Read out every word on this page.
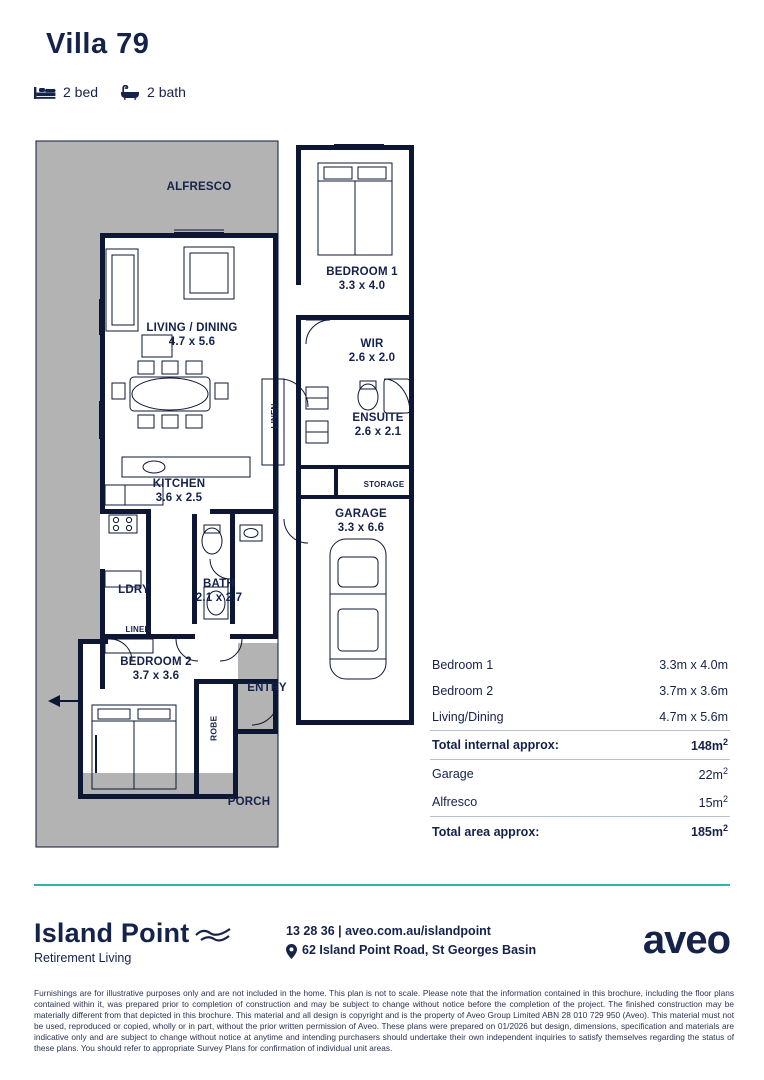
Villa 79
2 bed	2 bath
ALFRESCO
LIVING / DINING
4.7 x 5.6
KITCHEN
3.6 x 2.5
BEDROOM 1
3.3 x 4.0
WIR
2.6 x 2.0
ENSUITE
2.6 x 2.1
LINEN
STORAGE
GARAGE
3.3 x 6.6
LDRY	BATH
2.1 x 2.7
LINEN
BEDROOM 2
3.7 x 3.6
ROBE
ENTRY
PORCH
Bedroom 1	3.3m x 4.0m
Bedroom 2	3.7m x 3.6m
Living/Dining	4.7m x 5.6m
Total internal approx:	$148m^2$
Garage	$22m^2$
Alfresco	$15m^2$
Total area approx:	$185m^2$
Island Point
Retirement Living
13 28 36 | aveo.com.au/islandpoint
62 Island Point Road, St Georges Basin	aveo
Furnishings are for illustrative purposes only and are not included in the home. This plan is not to scale. Please note that the information contained in this brochure, including the floor plans contained within it, was prepared prior to completion of construction and may be subject to change without notice before the completion of the project. The finished construction may be materially different from that depicted in this brochure. This material and all design is copyright and is the property of Aveo Group Limited ABN 28 010 729 950 (Aveo). This material must not be used, reproduced or copied, wholly or in part, without the prior written permission of Aveo. These plans were prepared on 01/2026 but design, dimensions, specification and materials are indicative only and are subject to change without notice at anytime and intending purchasers should undertake their own independent inquiries to satisfy themselves regarding the status of these plans. You should refer to appropriate Survey Plans for confirmation of individual unit areas.
